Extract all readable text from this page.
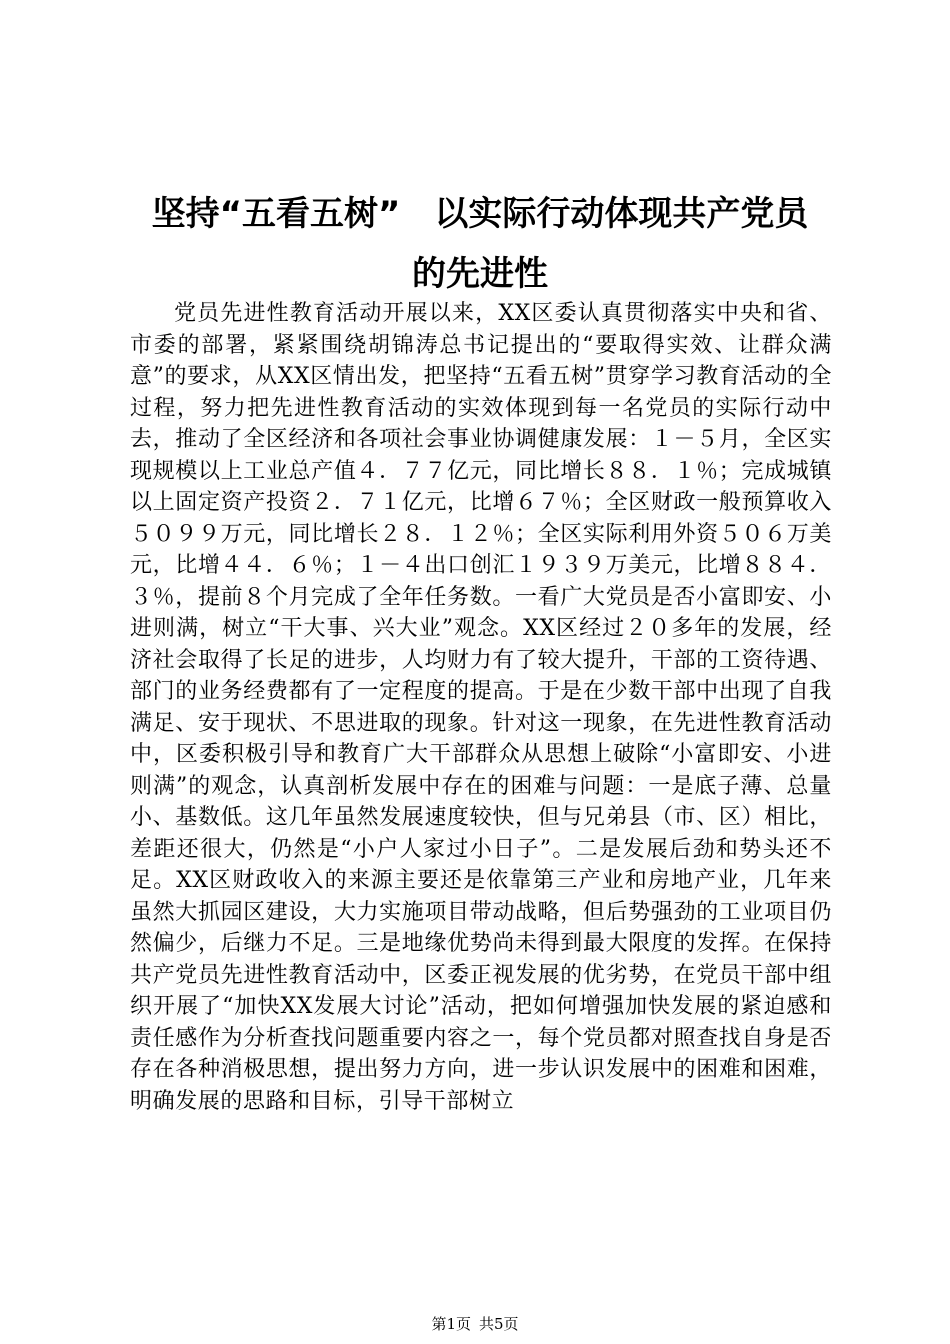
坚持“五看五树” 以实际行动体现共产党员
的先进性

党员先进性教育活动开展以来，XX区委认真贯彻落实中央和省、市委的部署，紧紧围绕胡锦涛总书记提出的“要取得实效、让群众满意”的要求，从XX区情出发，把坚持“五看五树”贯穿学习教育活动的全过程，努力把先进性教育活动的实效体现到每一名党员的实际行动中去，推动了全区经济和各项社会事业协调健康发展：１－５月，全区实现规模以上工业总产值４．７７亿元，同比增长８８．１％；完成城镇以上固定资产投资２．７１亿元，比增６７％；全区财政一般预算收入５０９９万元，同比增长２８．１２％；全区实际利用外资５０６万美元，比增４４．６％；１－４出口创汇１９３９万美元，比增８８４．３％，提前８个月完成了全年任务数。一看广大党员是否小富即安、小进则满，树立“干大事、兴大业”观念。XX区经过２０多年的发展，经济社会取得了长足的进步，人均财力有了较大提升，干部的工资待遇、部门的业务经费都有了一定程度的提高。于是在少数干部中出现了自我满足、安于现状、不思进取的现象。针对这一现象，在先进性教育活动中，区委积极引导和教育广大干部群众从思想上破除“小富即安、小进则满”的观念，认真剖析发展中存在的困难与问题：一是底子薄、总量小、基数低。这几年虽然发展速度较快，但与兄弟县（市、区）相比，差距还很大，仍然是“小户人家过小日子”。二是发展后劲和势头还不足。XX区财政收入的来源主要还是依靠第三产业和房地产业，几年来虽然大抓园区建设，大力实施项目带动战略，但后势强劲的工业项目仍然偏少，后继力不足。三是地缘优势尚未得到最大限度的发挥。在保持共产党员先进性教育活动中，区委正视发展的优劣势，在党员干部中组织开展了“加快XX发展大讨论”活动，把如何增强加快发展的紧迫感和责任感作为分析查找问题重要内容之一，每个党员都对照查找自身是否存在各种消极思想，提出努力方向，进一步认识发展中的困难和困难，明确发展的思路和目标，引导干部树立

第1页 共5页
